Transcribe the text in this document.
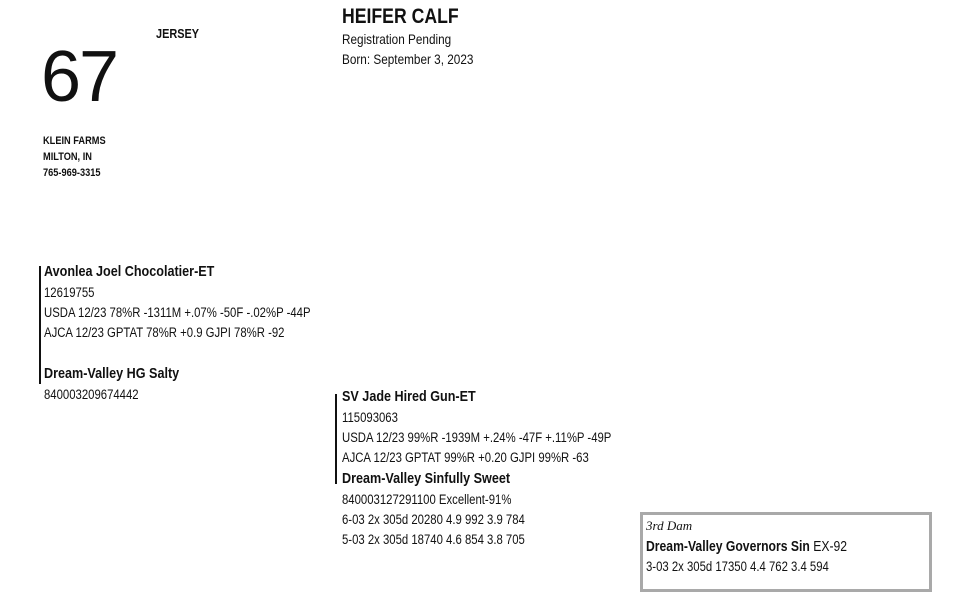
67
JERSEY
HEIFER CALF
Registration Pending
Born: September 3, 2023
KLEIN FARMS
MILTON, IN
765-969-3315
Avonlea Joel Chocolatier-ET
12619755
USDA 12/23 78%R -1311M +.07% -50F -.02%P -44P
AJCA 12/23 GPTAT 78%R +0.9 GJPI 78%R -92
Dream-Valley HG Salty
840003209674442	SV Jade Hired Gun-ET
115093063
USDA 12/23 99%R -1939M +.24% -47F +.11%P -49P
AJCA 12/23 GPTAT 99%R +0.20 GJPI 99%R -63
Dream-Valley Sinfully Sweet
840003127291100 Excellent-91%
6-03 2x 305d 20280 4.9 992 3.9 784
5-03 2x 305d 18740 4.6 854 3.8 705
3rd Dam
Dream-Valley Governors Sin EX-92
3-03 2x 305d 17350 4.4 762 3.4 594
